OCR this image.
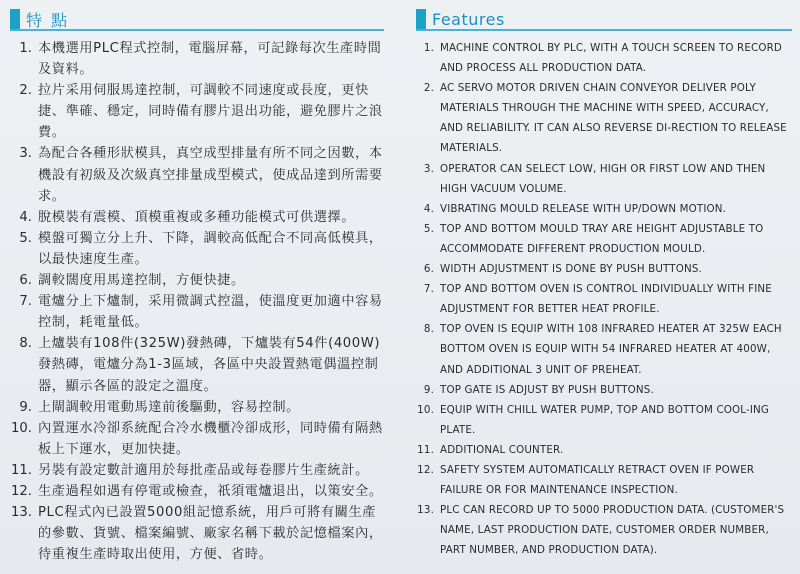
特 點
1. 本機選用PLC程式控制，電腦屏幕，可記錄每次生產時間及資料。
2. 拉片采用伺服馬達控制，可調較不同速度或長度，更快捷、準確、穩定，同時備有膠片退出功能，避免膠片之浪費。
3. 為配合各種形狀模具，真空成型排量有所不同之因數，本機設有初級及次級真空排量成型模式，使成品達到所需要求。
4. 脫模裝有震模、頂模重複或多種功能模式可供選擇。
5. 模盤可獨立分上升、下降，調較高低配合不同高低模具，以最快速度生產。
6. 調較闊度用馬達控制，方便快捷。
7. 電爐分上下爐制，采用微調式控溫，使溫度更加適中容易控制，耗電量低。
8. 上爐裝有108件(325W)發熱磚，下爐裝有54件(400W)發熱磚，電爐分為1-3區域，各區中央設置熱電偶溫控制器，顯示各區的設定之溫度。
9. 上閘調較用電動馬達前後驅動，容易控制。
10. 內置運水冷卻系統配合冷水機櫃冷卻成形，同時備有隔熱板上下運水，更加快捷。
11. 另裝有設定數計適用於每批產品或每卷膠片生產統計。
12. 生產過程如遇有停電或檢查，祇須電爐退出，以策安全。
13. PLC程式內已設置5000組記憶系統，用戶可將有關生產的參數、貨號、檔案編號、廠家名稱下載於記憶檔案內，待重複生產時取出使用，方便、省時。
Features
1. MACHINE CONTROL BY PLC, WITH A TOUCH SCREEN TO RECORD AND PROCESS ALL PRODUCTION DATA.
2. AC SERVO MOTOR DRIVEN CHAIN CONVEYOR DELIVER POLY MATERIALS THROUGH THE MACHINE WITH SPEED, ACCURACY, AND RELIABILITY. IT CAN ALSO REVERSE DI-RECTION TO RELEASE MATERIALS.
3. OPERATOR CAN SELECT LOW, HIGH OR FIRST LOW AND THEN HIGH VACUUM VOLUME.
4. VIBRATING MOULD RELEASE WITH UP/DOWN MOTION.
5. TOP AND BOTTOM MOULD TRAY ARE HEIGHT ADJUSTABLE TO ACCOMMODATE DIFFERENT PRODUCTION MOULD.
6. WIDTH ADJUSTMENT IS DONE BY PUSH BUTTONS.
7. TOP AND BOTTOM OVEN IS CONTROL INDIVIDUALLY WITH FINE ADJUSTMENT FOR BETTER HEAT PROFILE.
8. TOP OVEN IS EQUIP WITH 108 INFRARED HEATER AT 325W EACH BOTTOM OVEN IS EQUIP WITH 54 INFRARED HEATER AT 400W, AND ADDITIONAL 3 UNIT OF PREHEAT.
9. TOP GATE IS ADJUST BY PUSH BUTTONS.
10. EQUIP WITH CHILL WATER PUMP, TOP AND BOTTOM COOL-ING PLATE.
11. ADDITIONAL COUNTER.
12. SAFETY SYSTEM AUTOMATICALLY RETRACT OVEN IF POWER FAILURE OR FOR MAINTENANCE INSPECTION.
13. PLC CAN RECORD UP TO 5000 PRODUCTION DATA. (CUSTOMER'S NAME, LAST PRODUCTION DATE, CUSTOMER ORDER NUMBER, PART NUMBER, AND PRODUCTION DATA).
